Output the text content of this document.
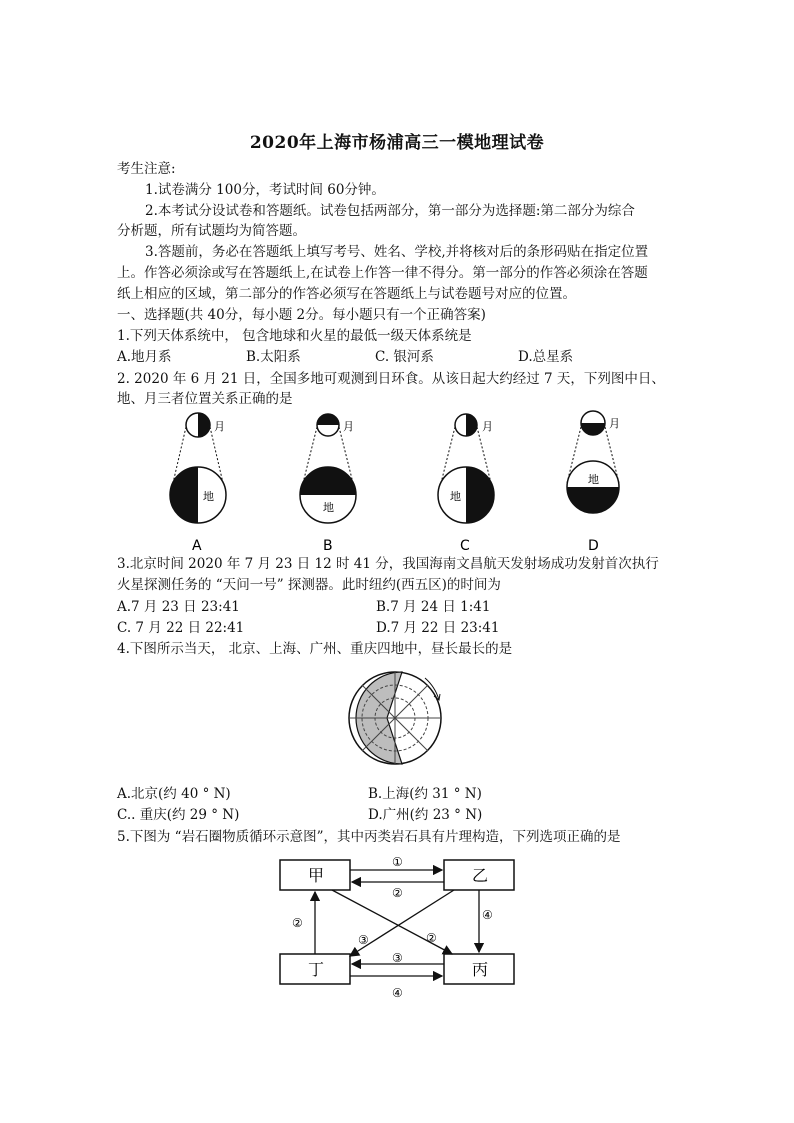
2020年上海市杨浦高三一模地理试卷
考生注意:
1.试卷满分 100分，考试时间 60分钟。
2.本考试分设试卷和答题纸。试卷包括两部分，第一部分为选择题:第二部分为综合
分析题，所有试题均为简答题。
3.答题前，务必在答题纸上填写考号、姓名、学校,并将核对后的条形码贴在指定位置
上。作答必须涂或写在答题纸上,在试卷上作答一律不得分。第一部分的作答必须涂在答题
纸上相应的区域，第二部分的作答必须写在答题纸上与试卷题号对应的位置。
一、选择题(共 40分，每小题 2分。每小题只有一个正确答案)
1.下列天体系统中， 包含地球和火星的最低一级天体系统是
A.地月系	B.太阳系	C. 银河系	D.总星系
2. 2020 年 6 月 21 日，全国多地可观测到日环食。从该日起大约经过 7 天，下列图中日、
地、月三者位置关系正确的是
月
地
A
月
地
B
月
地
C
月
地
D
3.北京时间 2020 年 7 月 23 日 12 时 41 分，我国海南文昌航天发射场成功发射首次执行
火星探测任务的 “天问一号” 探测器。此时纽约(西五区)的时间为
A.7 月 23 日 23:41	B.7 月 24 日 1:41
C. 7 月 22 日 22:41	D.7 月 22 日 23:41
4.下图所示当天， 北京、上海、广州、重庆四地中，昼长最长的是
A.北京(约 40 ° N)	B.上海(约 31 ° N)
C.. 重庆(约 29 ° N)	D.广州(约 23 ° N)
5.下图为 “岩石圈物质循环示意图”，其中丙类岩石具有片理构造，下列选项正确的是
甲	乙
丁	丙
①
②
②
④
③	②
③
④
